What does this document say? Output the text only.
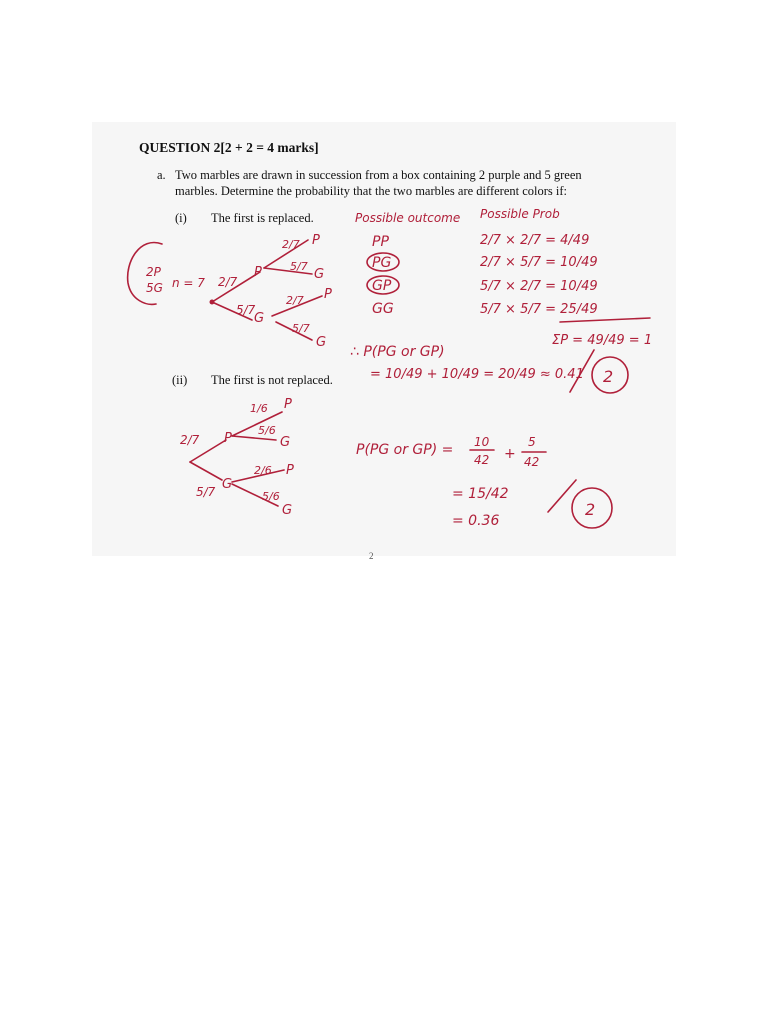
QUESTION 2[2 + 2 = 4 marks]
a. Two marbles are drawn in succession from a box containing 2 purple and 5 green marbles. Determine the probability that the two marbles are different colors if:
(i) The first is replaced.
(ii) The first is not replaced.
2
2P
5G n = 7 2/7
P
5/7
G
2/7 P
5/7
G
2/7 P
5/7
G
Possible outcome Possible Prob
PP
PG
GP
GG
2/7 × 2/7 = 4/49
2/7 × 5/7 = 10/49
5/7 × 2/7 = 10/49
5/7 × 5/7 = 25/49
ΣP = 49/49 = 1
∴ P(PG or GP)
= 10/49 + 10/49 = 20/49 ≈ 0.41 2
2/7 P
5/7 G
1/6 P
5/6
G
2/6 P
5/6
G
P(PG or GP) = 10
42 +
5
42
= 15/42
= 0.36
2
